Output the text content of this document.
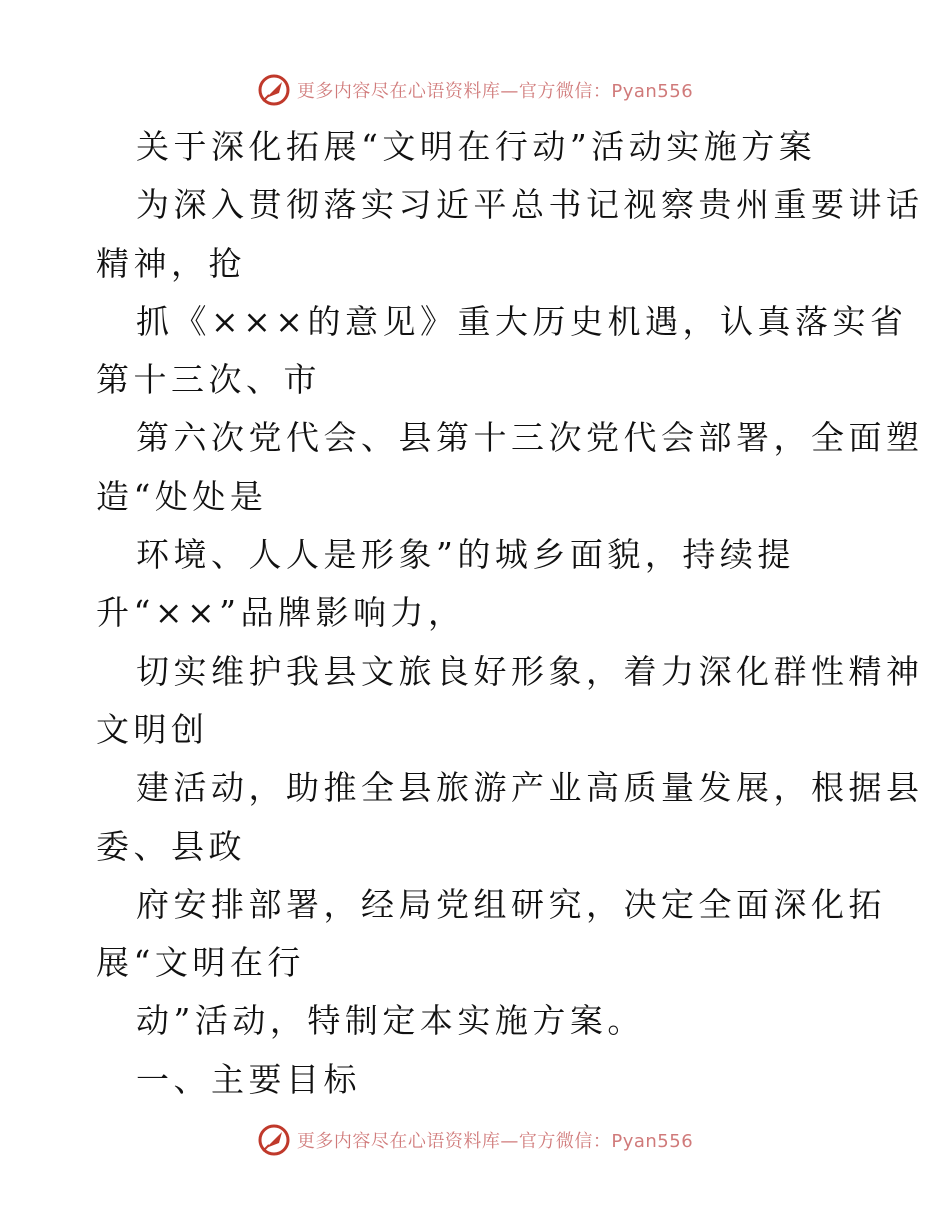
更多内容尽在心语资料库—官方微信：Pyan556
关于深化拓展“文明在行动”活动实施方案
为深入贯彻落实习近平总书记视察贵州重要讲话
精神，抢
抓《×××的意见》重大历史机遇，认真落实省
第十三次、市
第六次党代会、县第十三次党代会部署，全面塑
造“处处是
环境、人人是形象”的城乡面貌，持续提
升“××”品牌影响力，
切实维护我县文旅良好形象，着力深化群性精神
文明创
建活动，助推全县旅游产业高质量发展，根据县
委、县政
府安排部署，经局党组研究，决定全面深化拓
展“文明在行
动”活动，特制定本实施方案。
一、主要目标
更多内容尽在心语资料库—官方微信：Pyan556
